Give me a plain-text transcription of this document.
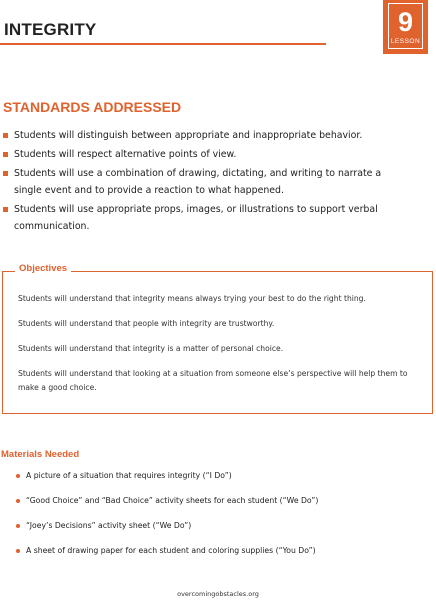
INTEGRITY	9
LESSON
STANDARDS ADDRESSED
Students will distinguish between appropriate and inappropriate behavior.
Students will respect alternative points of view.
Students will use a combination of drawing, dictating, and writing to narrate a single event and to provide a reaction to what happened.
Students will use appropriate props, images, or illustrations to support verbal communication.
Objectives

Students will understand that integrity means always trying your best to do the right thing.

Students will understand that people with integrity are trustworthy.

Students will understand that integrity is a matter of personal choice.

Students will understand that looking at a situation from someone else’s perspective will help them to make a good choice.

Materials Needed
A picture of a situation that requires integrity (“I Do”)
“Good Choice” and “Bad Choice” activity sheets for each student (“We Do”)
“Joey’s Decisions” activity sheet (“We Do”)
A sheet of drawing paper for each student and coloring supplies (“You Do”)
overcomingobstacles.org
